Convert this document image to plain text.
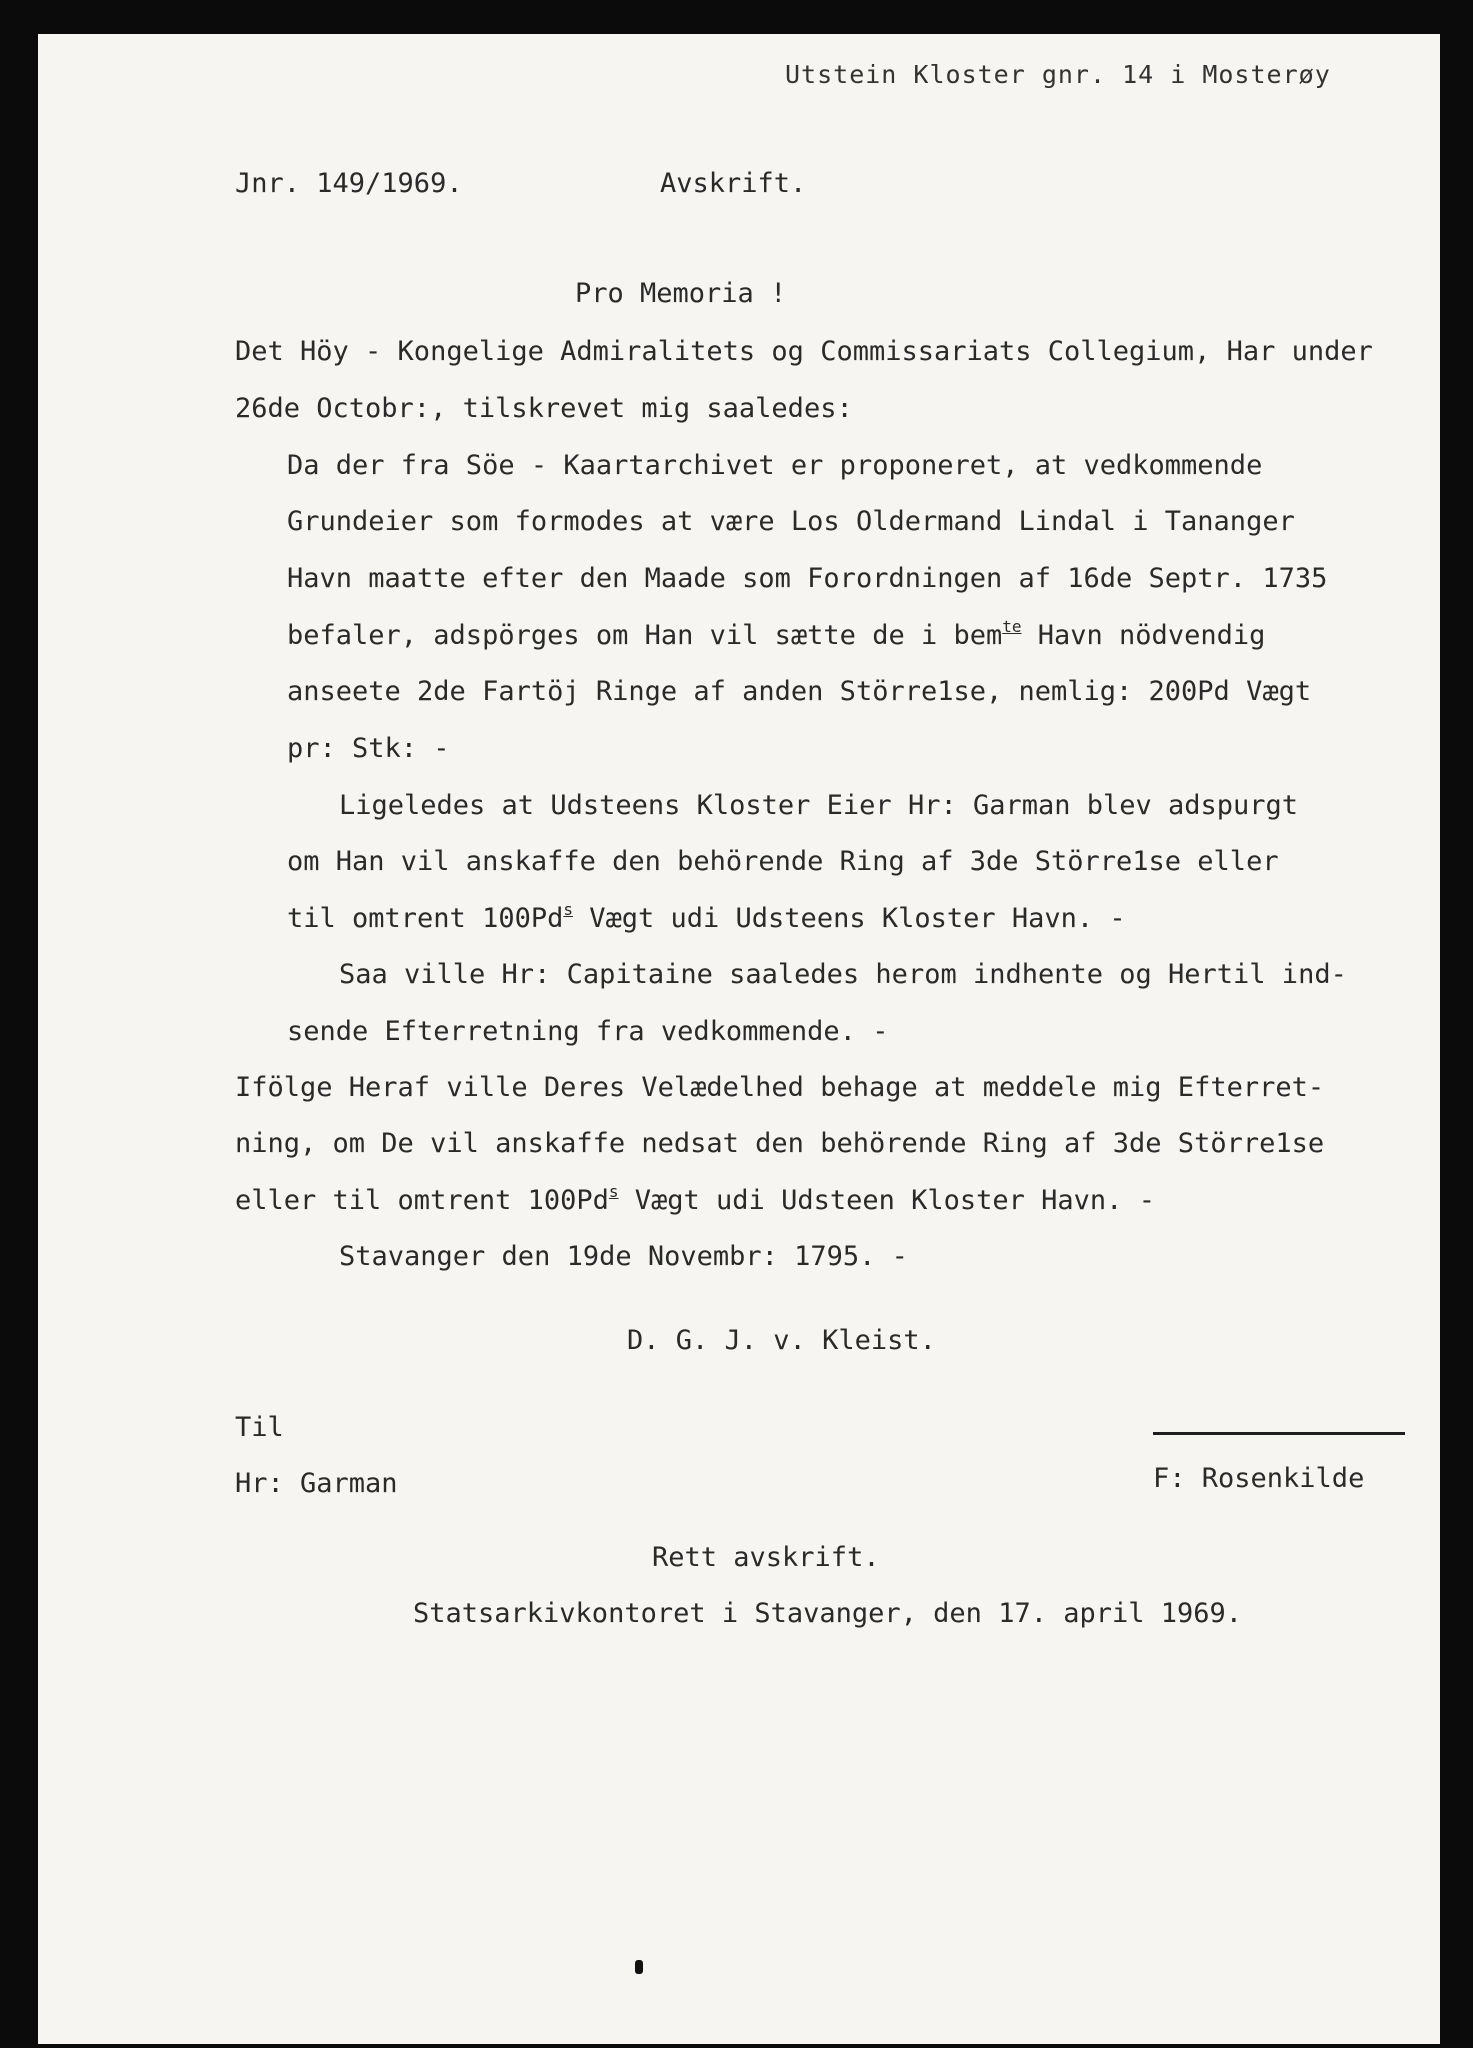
Utstein Kloster gnr. 14 i Mosterøy
Jnr. 149/1969.	Avskrift.
Pro Memoria !
Det Höy - Kongelige Admiralitets og Commissariats Collegium, Har under
26de Octobr:, tilskrevet mig saaledes:
Da der fra Söe - Kaartarchivet er proponeret, at vedkommende
Grundeier som formodes at være Los Oldermand Lindal i Tananger
Havn maatte efter den Maade som Forordningen af 16de Septr. 1735
befaler, adspörges om Han vil sætte de i bem$^{te}$ Havn nödvendig
anseete 2de Fartöj Ringe af anden Större1se, nemlig: 200Pd Vægt
pr: Stk: -
Ligeledes at Udsteens Kloster Eier Hr: Garman blev adspurgt
om Han vil anskaffe den behörende Ring af 3de Större1se eller
til omtrent 100Pd$^s$ Vægt udi Udsteens Kloster Havn. -
Saa ville Hr: Capitaine saaledes herom indhente og Hertil ind-
sende Efterretning fra vedkommende. -
Ifölge Heraf ville Deres Velædelhed behage at meddele mig Efterret-
ning, om De vil anskaffe nedsat den behörende Ring af 3de Större1se
eller til omtrent 100Pd$^s$ Vægt udi Udsteen Kloster Havn. -
Stavanger den 19de Novembr: 1795. -
D. G. J. v. Kleist.
Til
Hr: Garman	F: Rosenkilde
Rett avskrift.
Statsarkivkontoret i Stavanger, den 17. april 1969.
